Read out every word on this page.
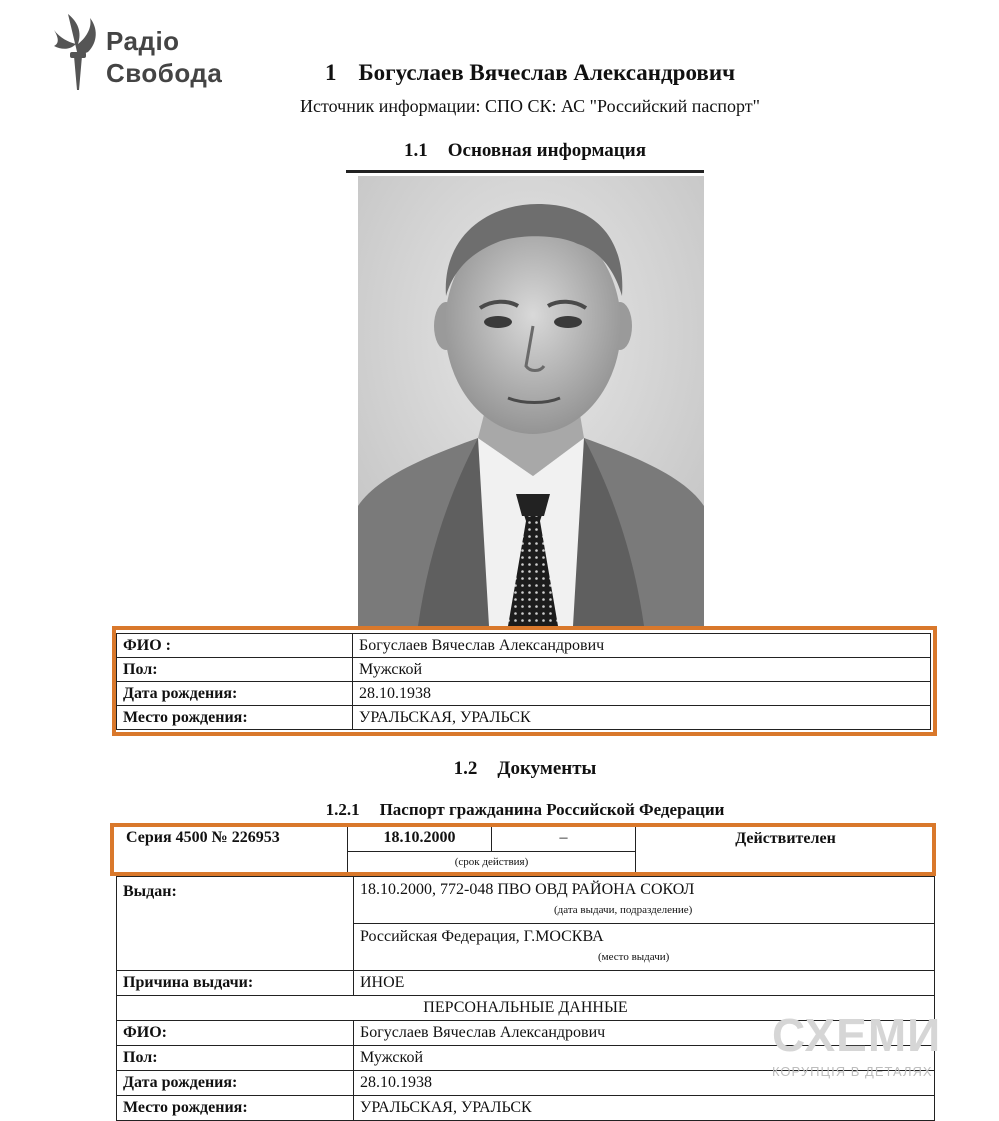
Радіо
Свобода	1 Богуслаев Вячеслав Александрович
Источник информации: СПО СК: АС "Российский паспорт"
1.1 Основная информация
ФИО :	Богуслаев Вячеслав Александрович
Пол:	Мужской
Дата рождения:	28.10.1938
Место рождения:	УРАЛЬСКАЯ, УРАЛЬСК
1.2 Документы
1.2.1 Паспорт гражданина Российской Федерации
Серия 4500 № 226953	18.10.2000	–
(срок действия)
Действителен
Выдан:	18.10.2000, 772-048 ПВО ОВД РАЙОНА СОКОЛ
(дата выдачи, подразделение)

	Российская Федерация, Г.МОСКВА
(место выдачи)

Причина выдачи:	ИНОЕ
ПЕРСОНАЛЬНЫЕ ДАННЫЕ	
ФИО:	Богуслаев Вячеслав Александрович
Пол:	Мужской
Дата рождения:	28.10.1938
Место рождения:	УРАЛЬСКАЯ, УРАЛЬСК
СХЕМИ
КОРУПЦІЯ В ДЕТАЛЯХ
